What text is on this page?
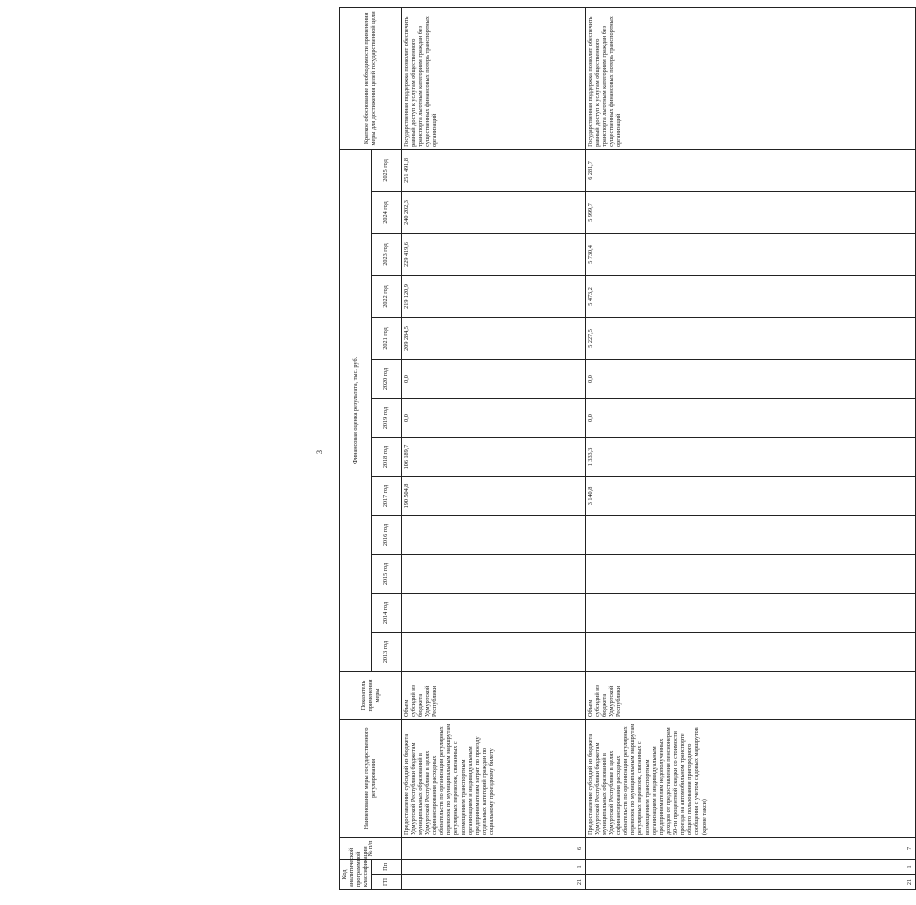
3
Код аналитической программной классификации		№ п/п	Наименование меры государственного регулирования	Показатель применения меры	Финансовая оценка результата, тыс. руб.													Краткое обоснование необходимости применения меры для достижения целей государственной цели
ГП	Пп				2013 год	2014 год	2015 год	2016 год	2017 год	2018 год	2019 год	2020 год	2021 год	2022 год	2023 год	2024 год	2025 год	

21	1	6	Предоставление субсидий из бюджета Удмуртской Республики бюджетам муниципальных образований в Удмуртской Республике в целях софинансирования расходных обязательств по организации регулярных перевозок по муниципальным маршрутам регулярных перевозок, связанных с возмещением транспортным организациям и индивидуальным предпринимателям затрат по проезду отдельных категорий граждан по социальному проездному билету	Объем субсидий из бюджета Удмуртской Республики					190 504,8	106 189,7	0,0	0,0	209 284,5	219 120,9	229 419,6	240 202,3	251 491,8	Государственная поддержка позволит обеспечить равный доступ к услугам общественного транспорта льготным категориям граждан без существенных финансовых потерь транспортных организаций
21	1	7	Предоставление субсидий из бюджета Удмуртской Республики бюджетам муниципальных образований в Удмуртской Республике в целях софинансирования расходных обязательств по организации регулярных перевозок по муниципальным маршрутам регулярных перевозок, связанных с возмещением транспортным организациям и индивидуальным предпринимателям недополученных доходов от предоставления пенсионерам 50-ти процентной скидки со стоимости проезда на автомобильном транспорте общего пользования пригородного сообщения с учетом садовых маршрутов (кроме такси)	Объем субсидий из бюджета Удмуртской Республики					3 140,8	1 333,3	0,0	0,0	5 227,5	5 473,2	5 730,4	5 999,7	6 281,7	Государственная поддержка позволит обеспечить равный доступ к услугам общественного транспорта льготным категориям граждан без существенных финансовых потерь транспортных организаций
